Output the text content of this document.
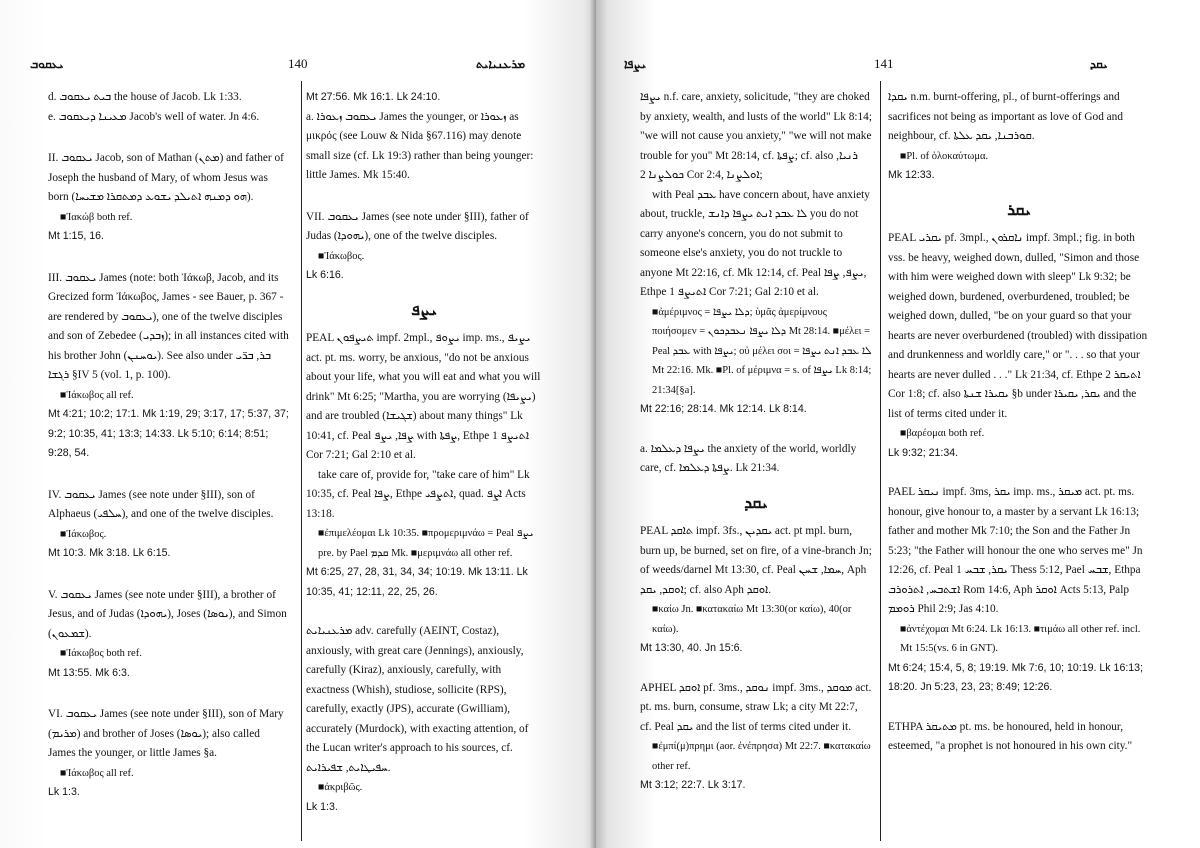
ܝܥܩܘܒ	140	ܡܪܥܢܝܐܝܬ

d. ܒܝܬ ܝܥܩܘܒ the house of Jacob. Lk 1:33.

e. ܡܥܝܢܐ ܕܝܥܩܘܒ Jacob's well of water. Jn 4:6.

II. ܝܥܩܘܒ Jacob, son of Mathan (ܡܬܢ) and father of Joseph the husband of Mary, of whom Jesus was born (ܗܘ ܕܡܢܗ ܐܬܝܠܕ ܝܫܘܥ ܕܡܬܩܪܐ ܡܫܝܚܐ).

■Ἰακώβ both ref.

Mt 1:15, 16.

III. ܝܥܩܘܒ James (note: both Ἰάκωβ, Jacob, and its Grecized form Ἰάκωβος, James - see Bauer, p. 367 - are rendered by ܝܥܩܘܒ), one of the twelve disciples and son of Zebedee (ܙܒܕܝ); in all instances cited with his brother John (ܝܘܚܢܢ). See also under ܒܪ, ܒܪ̈ܝ ܪܓܫܐ §IV 5 (vol. 1, p. 100).

■Ἰάκωβος all ref.

Mt 4:21; 10:2; 17:1. Mk 1:19, 29; 3:17, 17; 5:37, 37; 9:2; 10:35, 41; 13:3; 14:33. Lk 5:10; 6:14; 8:51; 9:28, 54.

IV. ܝܥܩܘܒ James (see note under §III), son of Alphaeus (ܚܠܦܝ), and one of the twelve disciples.

■Ἰάκωβος.

Mt 10:3. Mk 3:18. Lk 6:15.

V. ܝܥܩܘܒ James (see note under §III), a brother of Jesus, and of Judas (ܝܗܘܕܐ), Joses (ܝܘܣܐ), and Simon (ܫܡܥܘܢ).

■Ἰάκωβος both ref.

Mt 13:55. Mk 6:3.

VI. ܝܥܩܘܒ James (see note under §III), son of Mary (ܡܪܝܡ) and brother of Joses (ܝܘܣܐ); also called James the younger, or little James §a.

■Ἰάκωβος all ref.

Lk 1:3.

Mt 27:56. Mk 16:1. Lk 24:10.

a. ܝܥܩܘܒ ܙܥܘܪܐ James the younger, or ܙܥܘܪܐ as μικρός (see Louw & Nida §67.116) may denote small size (cf. Lk 19:3) rather than being younger: little James. Mk 15:40.

VII. ܝܥܩܘܒ James (see note under §III), father of Judas (ܝܗܘܕܐ), one of the twelve disciples.

■Ἰάκωβος.

Lk 6:16.

ܝܨܦ

PEAL ܬܝܨܦܘܢ impf. 2mpl., ܝܨܘܦ imp. ms., ܝܨܝܦ act. pt. ms. worry, be anxious, "do not be anxious about your life, what you will eat and what you will drink" Mt 6:25; "Martha, you are worrying (ܝܨܝܦܐ) and are troubled (ܫܓܝܫܐ) about many things" Lk 10:41, cf. Peal ܨܦܐ, ܝܨܦ with ܨܦܬܐ, Ethpe ܐܬܝܨܦ 1 Cor 7:21; Gal 2:10 et al.

take care of, provide for, "take care of him" Lk 10:35, cf. Peal ܨܦܐ, Ethpe ܐܬܨܦܝ, quad. ܐܨܦ Acts 13:18.

■ἐπιμελέομαι Lk 10:35. ■προμεριμνάω = Peal ܝܨܦ pre. by Pael ܩܕܡ Mk. ■μεριμνάω all other ref.

Mt 6:25, 27, 28, 31, 34, 34; 10:19. Mk 13:11. Lk 10:35, 41; 12:11, 22, 25, 26.

ܡܪܥܢܝܐܝܬ adv. carefully (AEINT, Costaz), anxiously, with great care (Jennings), anxiously, carefully (Kiraz), anxiously, carefully, with exactness (Whish), studiose, sollicite (RPS), carefully, exactly (JPS), accurate (Gwilliam), accurately (Murdock), with exacting attention, of the Lucan writer's approach to his sources, cf. ܚܦܝܛܐܝܬ, ܫܦܝܪܐܝܬ.

■ἀκριβῶς.

Lk 1:3.

ܝܨܦܐ	141	ܝܩܕ

ܝܨܦܐ n.f. care, anxiety, solicitude, "they are choked by anxiety, wealth, and lusts of the world" Lk 8:14; "we will not cause you anxiety," "we will not make trouble for you" Mt 28:14, cf. ܨܦܬܐ; cf. also ܪܢܝܐ, ܟܘܠܨܢܐ 2 Cor 2:4, ܐܘܠܨܢܐ;

with Peal ܥܒܕ have concern about, have anxiety about, truckle, ܠܐ ܥܒܕ ܐܢܬ ܝܨܦܐ ܕܐܢܫ you do not carry anyone's concern, you do not submit to someone else's anxiety, you do not truckle to anyone Mt 22:16, cf. Mk 12:14, cf. Peal ܝܨܦ, ܨܦܐ, Ethpe ܐܬܝܨܦ 1 Cor 7:21; Gal 2:10 et al.

■ἀμέριμνος = ܕܠܐ ܝܨܦܐ; ὑμᾶς ἀμερίμνους ποιήσομεν = ܕܠܐ ܝܨܦܐ ܢܥܒܕܟܘܢ Mt 28:14. ■μέλει = Peal ܥܒܕ with ܝܨܦܐ; οὐ μέλει σοι = ܠܐ ܥܒܕ ܐܢܬ ܝܨܦܐ Mt 22:16. Mk. ■Pl. of μέριμνα = s. of ܝܨܦܐ Lk 8:14; 21:34[§a].

Mt 22:16; 28:14. Mk 12:14. Lk 8:14.

a. ܝܨܦܐ ܕܥܠܡܐ the anxiety of the world, worldly care, cf. ܨܦܬܐ ܕܥܠܡܐ. Lk 21:34.

ܝܩܕ

PEAL ܬܐܩܕ impf. 3fs., ܝܩܕܝܢ act. pt mpl. burn, burn up, be burned, set on fire, of a vine-branch Jn; of weeds/darnel Mt 13:30, cf. Peal ܚܡܐ, ܫܚܢ, Aph ܐܘܩܕ, ܝܩܕ; cf. also Aph ܐܘܩܕ.

■καίω Jn. ■κατακαίω Mt 13:30(or καίω), 40(or καίω).

Mt 13:30, 40. Jn 15:6.

APHEL ܐܘܩܕ pf. 3ms., ܢܘܩܕ impf. 3ms., ܡܘܩܕ act. pt. ms. burn, consume, straw Lk; a city Mt 22:7, cf. Peal ܝܩܕ and the list of terms cited under it.

■ἐμπί(μ)πρημι (aor. ἐνέπρησα) Mt 22:7. ■κατακαίω other ref.

Mt 3:12; 22:7. Lk 3:17.

ܝܩܕܐ n.m. burnt-offering, pl., of burnt-offerings and sacrifices not being as important as love of God and neighbour, cf. ܩܘܪܒܢܐ, ܝܩܕ ܥܠܬܐ.

■Pl. of ὁλοκαύτωμα.

Mk 12:33.

ܝܩܪ

PEAL ܝܩܪܝ pf. 3mpl., ܢܐܩܪܘܢ impf. 3mpl.; fig. in both vss. be heavy, weighed down, dulled, "Simon and those with him were weighed down with sleep" Lk 9:32; be weighed down, burdened, overburdened, troubled; be weighed down, dulled, "be on your guard so that your hearts are never overburdened (troubled) with dissipation and drunkenness and worldly care," or ". . . so that your hearts are never dulled . . ." Lk 21:34, cf. Ethpe ܐܬܝܩܪ 2 Cor 1:8; cf. also ܝܩܝܪܐ ܫܢܬܐ §b under ܝܩܪ, ܝܩܝܪܐ and the list of terms cited under it.

■βαρέομαι both ref.

Lk 9:32; 21:34.

PAEL ܢܝܩܪ impf. 3ms, ܝܩܪ imp. ms., ܡܝܩܪ act. pt. ms. honour, give honour to, a master by a servant Lk 16:13; father and mother Mk 7:10; the Son and the Father Jn 5:23; "the Father will honour the one who serves me" Jn 12:26, cf. Peal ܝܩܪ, ܫܒܚ 1 Thess 5:12, Pael ܫܒܚ, Ethpa ܐܫܬܒܚ, ܐܬܪܘܪܒ Rom 14:6, Aph ܐܘܩܪ Acts 5:13, Palp ܪܘܡܡ Phil 2:9; Jas 4:10.

■ἀντέχομαι Mt 6:24. Lk 16:13. ■τιμάω all other ref. incl. Mt 15:5(vs. 6 in GNT).

Mt 6:24; 15:4, 5, 8; 19:19. Mk 7:6, 10; 10:19. Lk 16:13; 18:20. Jn 5:23, 23, 23; 8:49; 12:26.

ETHPA ܡܬܝܩܪ pt. ms. be honoured, held in honour, esteemed, "a prophet is not honoured in his own city."
